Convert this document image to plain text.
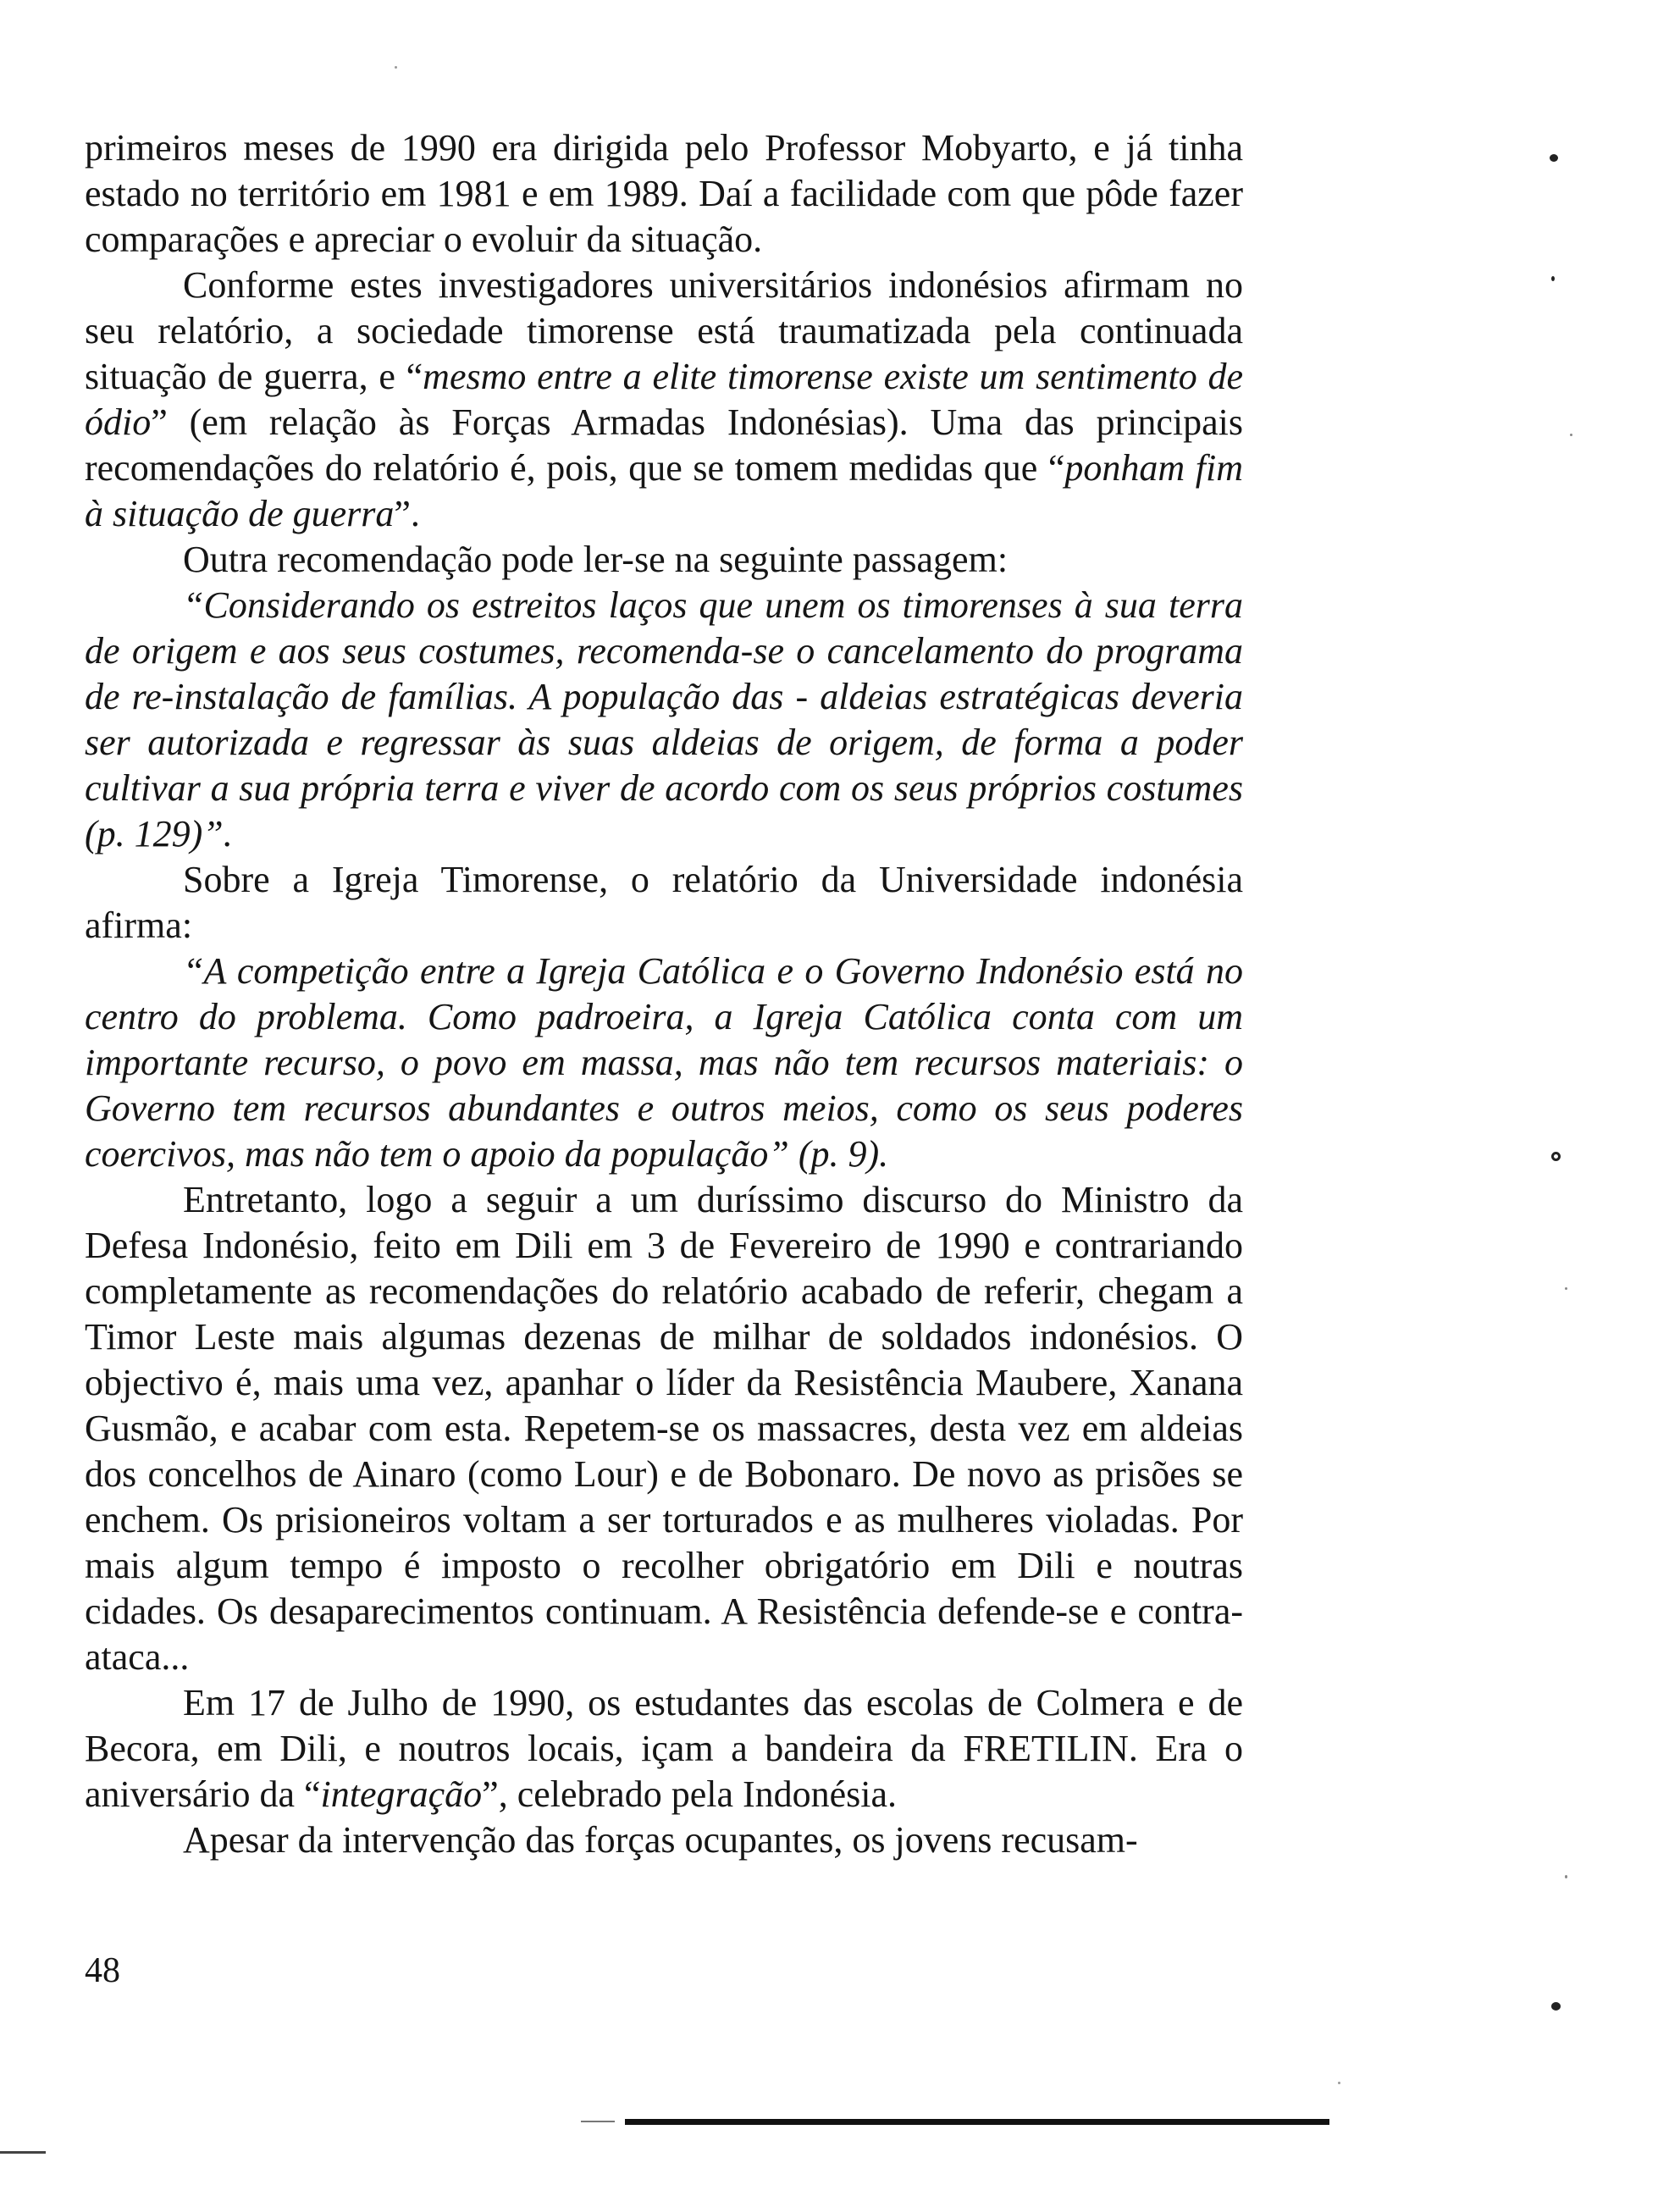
primeiros meses de 1990 era dirigida pelo Professor Mobyarto, e já tinha estado no território em 1981 e em 1989. Daí a facilidade com que pôde fazer comparações e apreciar o evoluir da situação.

Conforme estes investigadores universitários indonésios afirmam no seu relatório, a sociedade timorense está traumatizada pela continuada situação de guerra, e “mesmo entre a elite timorense existe um sentimento de ódio” (em relação às Forças Armadas Indonésias). Uma das principais recomendações do relatório é, pois, que se tomem medidas que “ponham fim à situação de guerra”.

Outra recomendação pode ler-se na seguinte passagem:

“Considerando os estreitos laços que unem os timorenses à sua terra de origem e aos seus costumes, recomenda-se o cancelamento do programa de re-instalação de famílias. A população das - aldeias estratégicas deveria ser autorizada e regressar às suas aldeias de origem, de forma a poder cultivar a sua própria terra e viver de acordo com os seus próprios costumes (p. 129)”.

Sobre a Igreja Timorense, o relatório da Universidade indonésia afirma:

“A competição entre a Igreja Católica e o Governo Indonésio está no centro do problema. Como padroeira, a Igreja Católica conta com um importante recurso, o povo em massa, mas não tem recursos materiais: o Governo tem recursos abundantes e outros meios, como os seus poderes coercivos, mas não tem o apoio da população” (p. 9).

Entretanto, logo a seguir a um duríssimo discurso do Ministro da Defesa Indonésio, feito em Dili em 3 de Fevereiro de 1990 e contrariando completamente as recomendações do relatório acabado de referir, chegam a Timor Leste mais algumas dezenas de milhar de soldados indonésios. O objectivo é, mais uma vez, apanhar o líder da Resistência Maubere, Xanana Gusmão, e acabar com esta. Repetem-se os massacres, desta vez em aldeias dos concelhos de Ainaro (como Lour) e de Bobonaro. De novo as prisões se enchem. Os prisioneiros voltam a ser torturados e as mulheres violadas. Por mais algum tempo é imposto o recolher obrigatório em Dili e noutras cidades. Os desaparecimentos continuam. A Resistência defende-se e contra-ataca...

Em 17 de Julho de 1990, os estudantes das escolas de Colmera e de Becora, em Dili, e noutros locais, içam a bandeira da FRETILIN. Era o aniversário da “integração”, celebrado pela Indonésia.

Apesar da intervenção das forças ocupantes, os jovens recusam-

48
